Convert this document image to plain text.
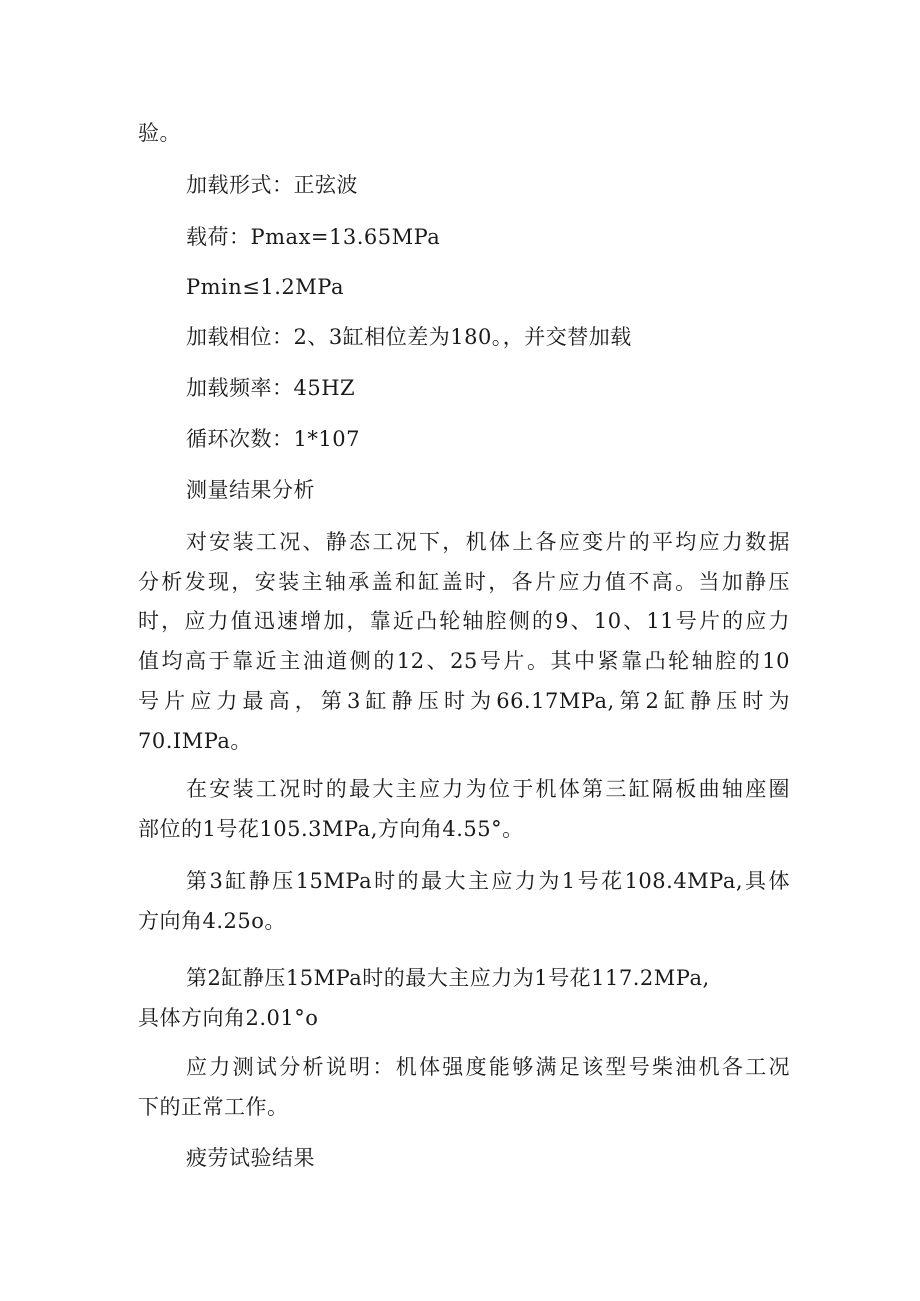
验。
加载形式：正弦波
载荷：Pmax=13.65MPa
Pmin≤1.2MPa
加载相位：2、3缸相位差为180。，并交替加载
加载频率：45HZ
循环次数：1*107
测量结果分析
对安装工况、静态工况下，机体上各应变片的平均应力数据
分析发现，安装主轴承盖和缸盖时，各片应力值不高。当加静压
时，应力值迅速增加，靠近凸轮轴腔侧的9、10、11号片的应力
值均高于靠近主油道侧的12、25号片。其中紧靠凸轮轴腔的10
号片应力最高，第3缸静压时为66.17MPa,第2缸静压时为
70.IMPa。
在安装工况时的最大主应力为位于机体第三缸隔板曲轴座圈
部位的1号花105.3MPa,方向角4.55°。
第3缸静压15MPa时的最大主应力为1号花108.4MPa,具体
方向角4.25o。
第2缸静压15MPa时的最大主应力为1号花117.2MPa,
具体方向角2.01°o
应力测试分析说明：机体强度能够满足该型号柴油机各工况
下的正常工作。
疲劳试验结果
